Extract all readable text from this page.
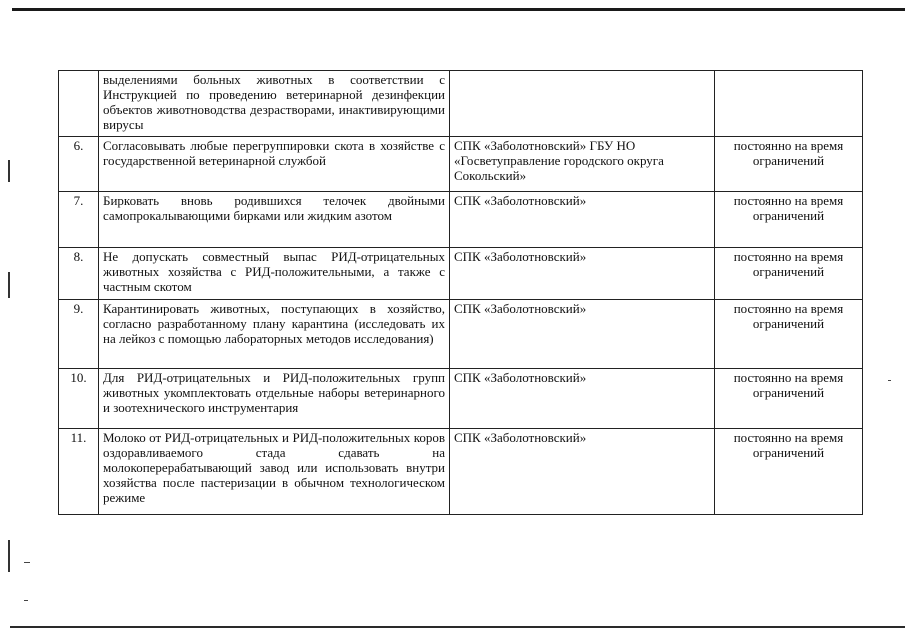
	выделениями больных животных в соответствии с Инструкцией по проведению ветеринарной дезинфекции объектов животноводства дезрастворами, инактивирующими вирусы		
6.	Согласовывать любые перегруппировки скота в хозяйстве с государственной ветеринарной службой	СПК «Заболотновский» ГБУ НО «Госветуправление городского округа Сокольский»	постоянно на время ограничений
7.	Бирковать вновь родившихся телочек двойными самопрокалывающими бирками или жидким азотом	СПК «Заболотновский»	постоянно на время ограничений
8.	Не допускать совместный выпас РИД-отрицательных животных хозяйства с РИД-положительными, а также с частным скотом	СПК «Заболотновский»	постоянно на время ограничений
9.	Карантинировать животных, поступающих в хозяйство, согласно разработанному плану карантина (исследовать их на лейкоз с помощью лабораторных методов исследования)	СПК «Заболотновский»	постоянно на время ограничений
10.	Для РИД-отрицательных и РИД-положительных групп животных укомплектовать отдельные наборы ветеринарного и зоотехнического инструментария	СПК «Заболотновский»	постоянно на время ограничений
11.	Молоко от РИД-отрицательных и РИД-положительных коров оздоравливаемого стада сдавать на молокоперерабатывающий завод или использовать внутри хозяйства после пастеризации в обычном технологическом режиме	СПК «Заболотновский»	постоянно на время ограничений
